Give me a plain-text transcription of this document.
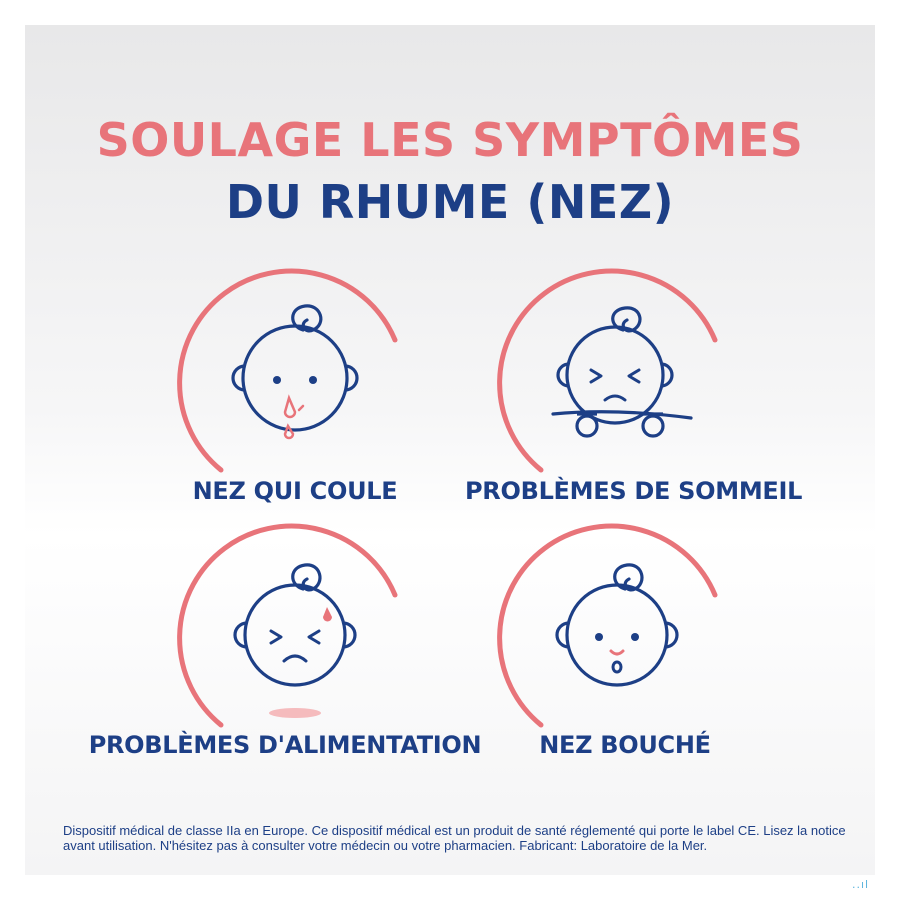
SOULAGE LES SYMPTÔMES
DU RHUME (NEZ)
NEZ QUI COULE	PROBLÈMES DE SOMMEIL
PROBLÈMES D'ALIMENTATION	NEZ BOUCHÉ
Dispositif médical de classe IIa en Europe. Ce dispositif médical est un produit de santé réglementé qui porte le label CE. Lisez la notice avant utilisation. N'hésitez pas à consulter votre médecin ou votre pharmacien. Fabricant: Laboratoire de la Mer.
..ıl
